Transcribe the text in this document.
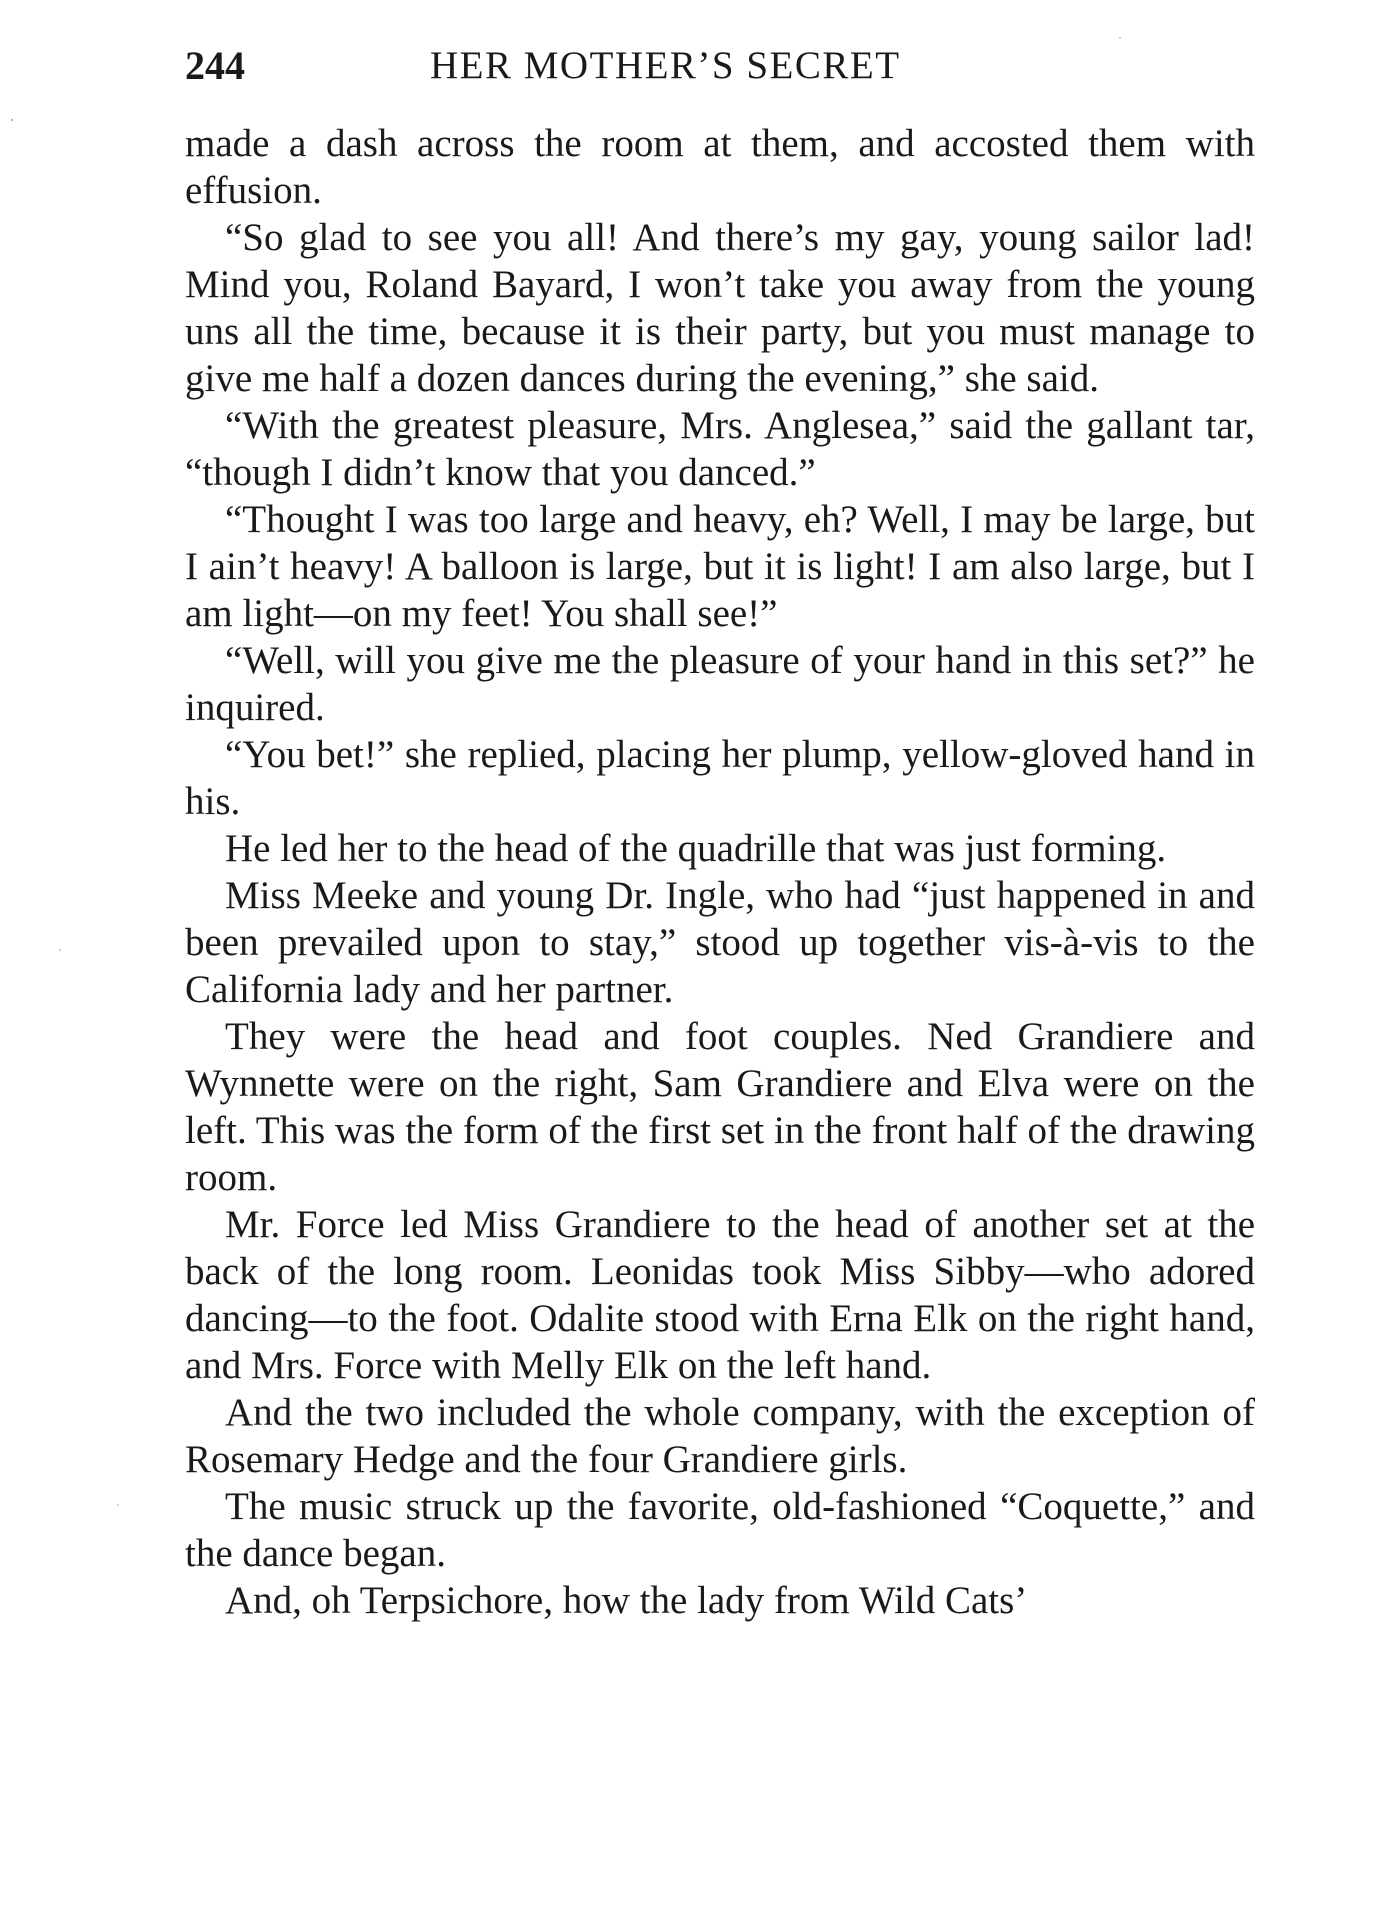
244	HER MOTHER’S SECRET

made a dash across the room at them, and accosted them with effusion.

“So glad to see you all! And there’s my gay, young sailor lad! Mind you, Roland Bayard, I won’t take you away from the young uns all the time, because it is their party, but you must manage to give me half a dozen dances during the evening,” she said.

“With the greatest pleasure, Mrs. Anglesea,” said the gallant tar, “though I didn’t know that you danced.”

“Thought I was too large and heavy, eh? Well, I may be large, but I ain’t heavy! A balloon is large, but it is light! I am also large, but I am light—on my feet! You shall see!”

“Well, will you give me the pleasure of your hand in this set?” he inquired.

“You bet!” she replied, placing her plump, yellow-gloved hand in his.

He led her to the head of the quadrille that was just forming.

Miss Meeke and young Dr. Ingle, who had “just happened in and been prevailed upon to stay,” stood up together vis-à-vis to the California lady and her partner.

They were the head and foot couples. Ned Grandiere and Wynnette were on the right, Sam Grandiere and Elva were on the left. This was the form of the first set in the front half of the drawing room.

Mr. Force led Miss Grandiere to the head of another set at the back of the long room. Leonidas took Miss Sibby—who adored dancing—to the foot. Odalite stood with Erna Elk on the right hand, and Mrs. Force with Melly Elk on the left hand.

And the two included the whole company, with the exception of Rosemary Hedge and the four Grandiere girls.

The music struck up the favorite, old-fashioned “Coquette,” and the dance began.

And, oh Terpsichore, how the lady from Wild Cats’
